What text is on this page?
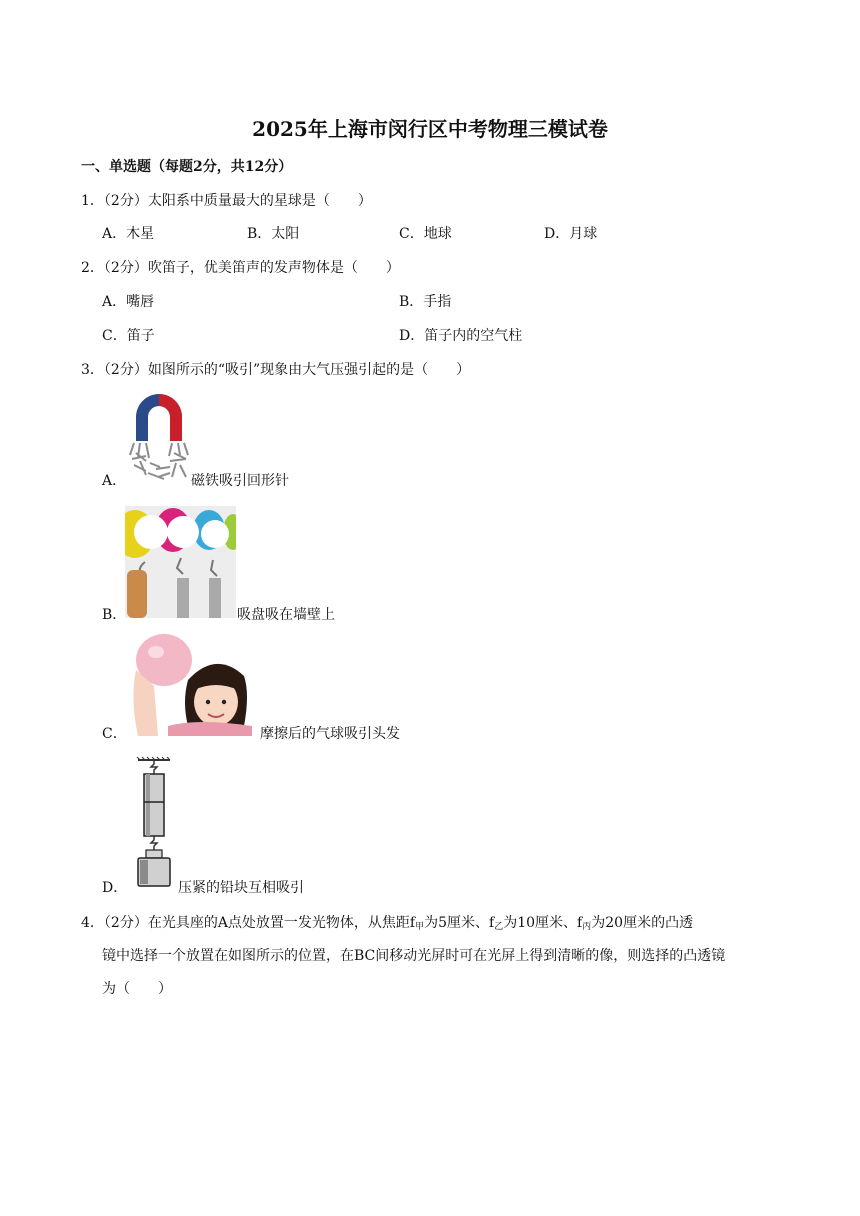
2025年上海市闵行区中考物理三模试卷
一、单选题（每题2分，共12分）
1．（2分）太阳系中质量最大的星球是（　　）
A．木星	B．太阳	C．地球	D．月球
2．（2分）吹笛子，优美笛声的发声物体是（　　）
A．嘴唇	B．手指
C．笛子	D．笛子内的空气柱
3．（2分）如图所示的“吸引”现象由大气压强引起的是（　　）
A．	磁铁吸引回形针
B．	吸盘吸在墙壁上
C．	摩擦后的气球吸引头发
D．	压紧的铅块互相吸引
4．（2分）在光具座的A点处放置一发光物体，从焦距$f_甲$为5厘米、$f_乙$为10厘米、$f_丙$为20厘米的凸透
镜中选择一个放置在如图所示的位置，在BC间移动光屏时可在光屏上得到清晰的像，则选择的凸透镜
为（　　）
